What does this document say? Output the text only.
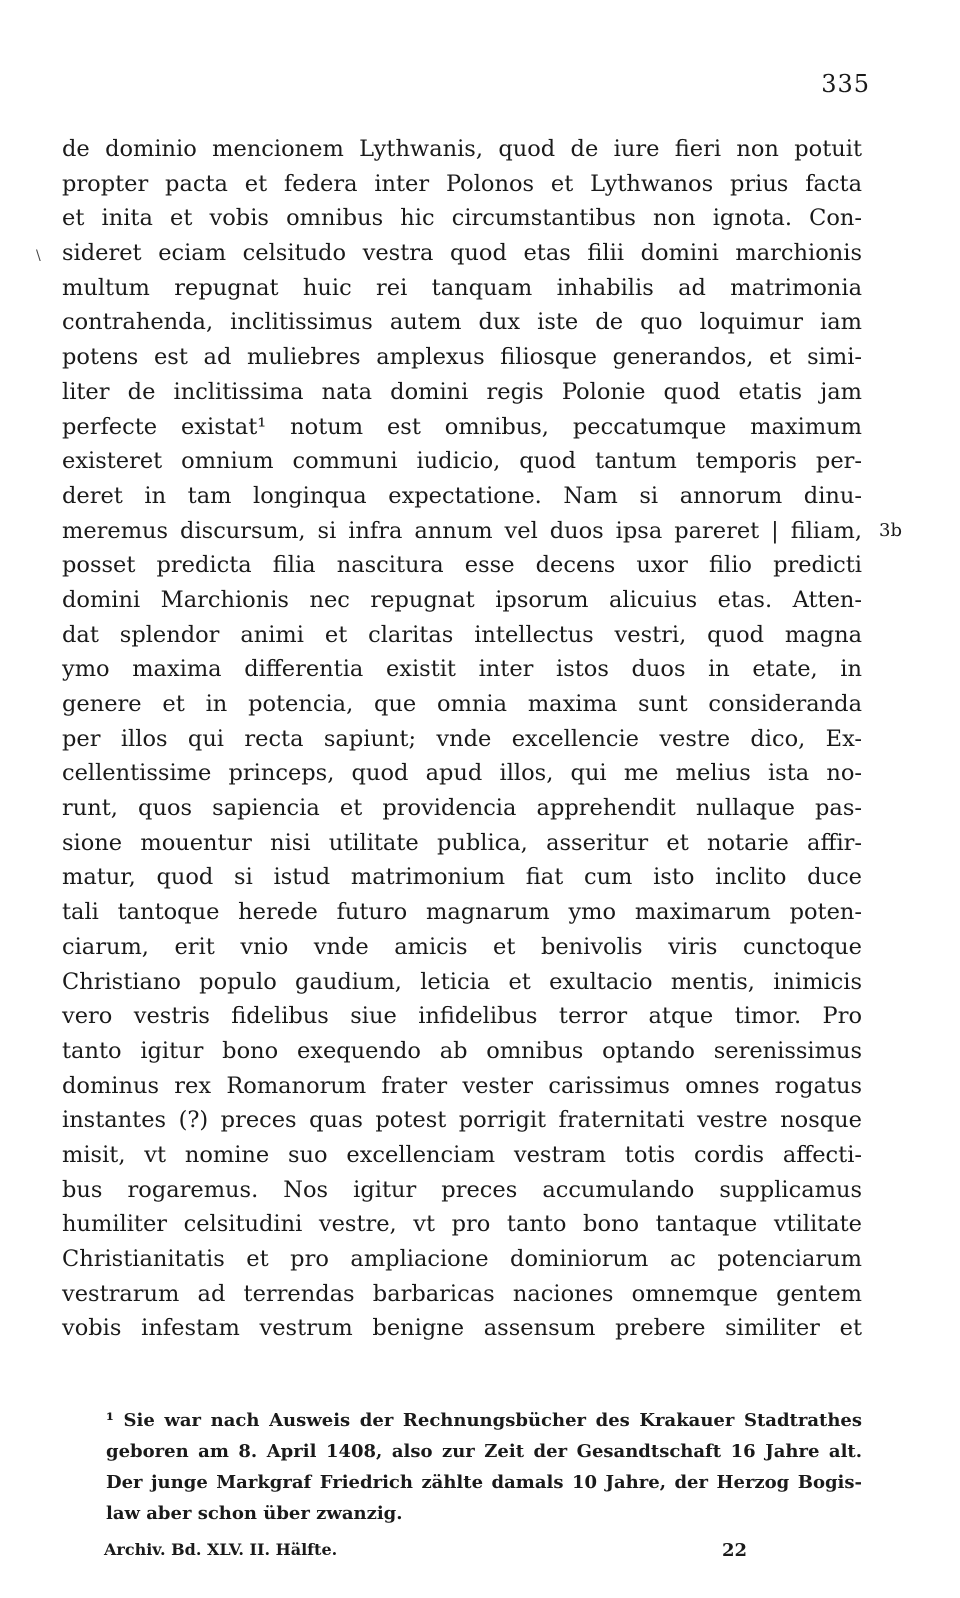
335
\
de dominio mencionem Lythwanis, quod de iure fieri non potuit
propter pacta et federa inter Polonos et Lythwanos prius facta
et inita et vobis omnibus hic circumstantibus non ignota. Con-
sideret eciam celsitudo vestra quod etas filii domini marchionis
multum repugnat huic rei tanquam inhabilis ad matrimonia
contrahenda, inclitissimus autem dux iste de quo loquimur iam
potens est ad muliebres amplexus filiosque generandos, et simi-
liter de inclitissima nata domini regis Polonie quod etatis jam
perfecte existat¹ notum est omnibus, peccatumque maximum
existeret omnium communi iudicio, quod tantum temporis per-
deret in tam longinqua expectatione. Nam si annorum dinu-
meremus discursum, si infra annum vel duos ipsa pareret | filiam,
posset predicta filia nascitura esse decens uxor filio predicti
domini Marchionis nec repugnat ipsorum alicuius etas. Atten-
dat splendor animi et claritas intellectus vestri, quod magna
ymo maxima differentia existit inter istos duos in etate, in
genere et in potencia, que omnia maxima sunt consideranda
per illos qui recta sapiunt; vnde excellencie vestre dico, Ex-
cellentissime princeps, quod apud illos, qui me melius ista no-
runt, quos sapiencia et providencia apprehendit nullaque pas-
sione mouentur nisi utilitate publica, asseritur et notarie affir-
matur, quod si istud matrimonium fiat cum isto inclito duce
tali tantoque herede futuro magnarum ymo maximarum poten-
ciarum, erit vnio vnde amicis et benivolis viris cunctoque
Christiano populo gaudium, leticia et exultacio mentis, inimicis
vero vestris fidelibus siue infidelibus terror atque timor. Pro
tanto igitur bono exequendo ab omnibus optando serenissimus
dominus rex Romanorum frater vester carissimus omnes rogatus
instantes (?) preces quas potest porrigit fraternitati vestre nosque
misit, vt nomine suo excellenciam vestram totis cordis affecti-
bus rogaremus. Nos igitur preces accumulando supplicamus
humiliter celsitudini vestre, vt pro tanto bono tantaque vtilitate
Christianitatis et pro ampliacione dominiorum ac potenciarum
vestrarum ad terrendas barbaricas naciones omnemque gentem
vobis infestam vestrum benigne assensum prebere similiter et
3b
¹ Sie war nach Ausweis der Rechnungsbücher des Krakauer Stadtrathes
geboren am 8. April 1408, also zur Zeit der Gesandtschaft 16 Jahre alt.
Der junge Markgraf Friedrich zählte damals 10 Jahre, der Herzog Bogis-
law aber schon über zwanzig.
Archiv. Bd. XLV. II. Hälfte.	22
